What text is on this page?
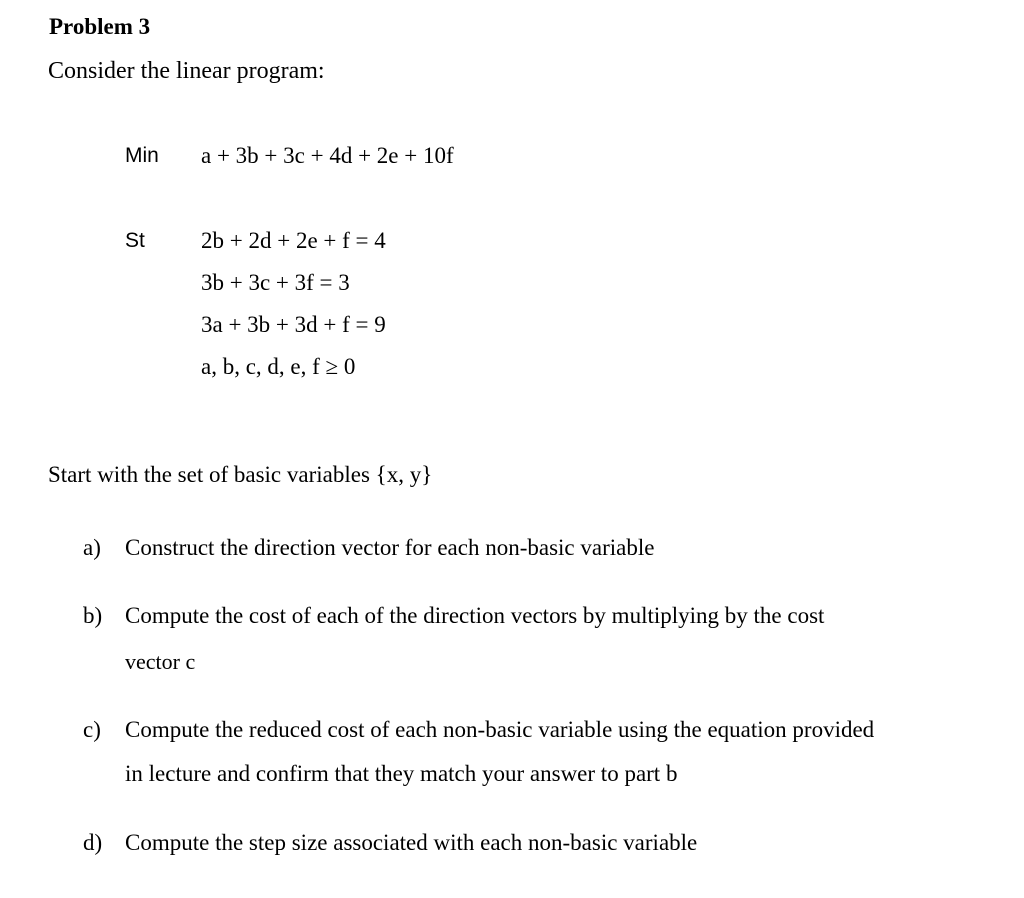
Problem 3
Consider the linear program:
Min a + 3b + 3c + 4d + 2e + 10f
St 2b + 2d + 2e + f = 4
3b + 3c + 3f = 3
3a + 3b + 3d + f = 9
a, b, c, d, e, f ≥ 0
Start with the set of basic variables {x, y}
a) Construct the direction vector for each non-basic variable
b) Compute the cost of each of the direction vectors by multiplying by the cost
vector c
c) Compute the reduced cost of each non-basic variable using the equation provided
in lecture and confirm that they match your answer to part b
d) Compute the step size associated with each non-basic variable
